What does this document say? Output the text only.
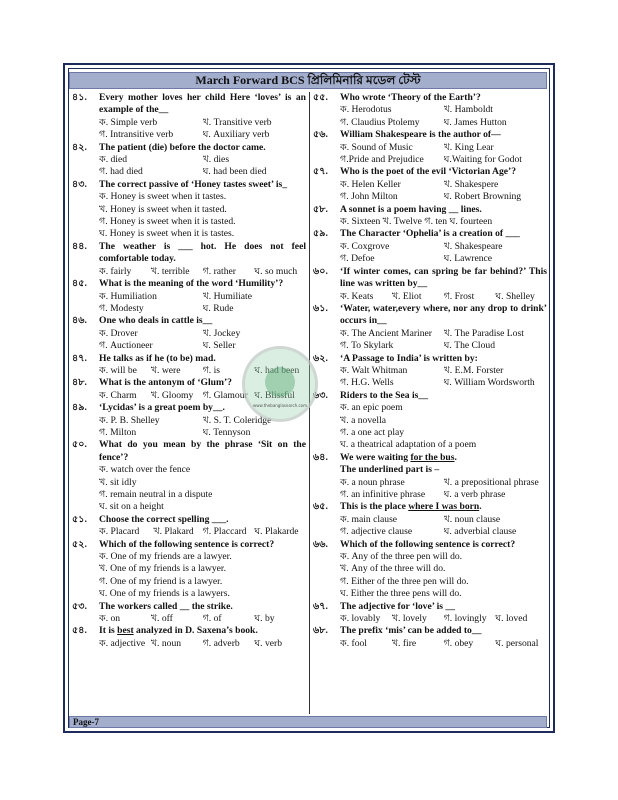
March Forward BCS প্রিলিমিনারি মডেল টেস্ট
৪১.	Every mother loves her child Here ‘loves’ is an example of the__
ক. Simple verb	খ. Transitive verb
গ. Intransitive verb	ঘ. Auxiliary verb
৪২.	The patient (die) before the doctor came.
ক. died	খ. dies
গ. had died	ঘ. had been died
৪৩.	The correct passive of ‘Honey tastes sweet’ is_
ক. Honey is sweet when it tastes.
খ. Honey is sweet when it tasted.
গ. Honey is sweet when it is tasted.
ঘ. Honey is sweet when it is tastes.
৪৪.	The weather is ___ hot. He does not feel comfortable today.
ক. fairly	খ. terrible	গ. rather	ঘ. so much
৪৫.	What is the meaning of the word ‘Humility’?
ক. Humiliation	খ. Humiliate
গ. Modesty	ঘ. Rude
৪৬.	One who deals in cattle is__
ক. Drover	খ. Jockey
গ. Auctioneer	ঘ. Seller
৪৭.	He talks as if he (to be) mad.
ক. will be	খ. were	গ. is	ঘ. had been
৪৮.	What is the antonym of ‘Glum’?
ক. Charm	খ. Gloomy গ. Glamour ঘ. Blissful
৪৯.	‘Lycidas’ is a great poem by__.
ক. P. B. Shelley	খ. S. T. Coleridge
গ. Milton	ঘ. Tennyson
৫০.	What do you mean by the phrase ‘Sit on the fence’?
ক. watch over the fence
খ. sit idly
গ. remain neutral in a dispute
ঘ. sit on a height
৫১.	Choose the correct spelling ___.
ক. Placard	খ. Plakard গ. Placcard ঘ. Plakarde
৫২.	Which of the following sentence is correct?
ক. One of my friends are a lawyer.
খ. One of my friends is a lawyer.
গ. One of my friend is a lawyer.
ঘ. One of my friends is a lawyers.
৫৩.	The workers called __ the strike.
ক. on	খ. off	গ. of	ঘ. by
৫৪.	It is best analyzed in D. Saxena’s book.
ক. adjective খ. noun	গ. adverb	ঘ. verb
৫৫.	Who wrote ‘Theory of the Earth’?
ক. Herodotus	খ. Hamboldt
গ. Claudius Ptolemy	ঘ. James Hutton
৫৬.	William Shakespeare is the author of—
ক. Sound of Music	খ. King Lear
গ.Pride and Prejudice	ঘ.Waiting for Godot
৫৭.	Who is the poet of the evil ‘Victorian Age’?
ক. Helen Keller	খ. Shakespere
গ. John Milton	ঘ. Robert Browning
৫৮.	A sonnet is a poem having __ lines.
ক. Sixteen খ. Twelve গ. ten ঘ. fourteen
৫৯.	The Character ‘Ophelia’ is a creation of ___
ক. Coxgrove	খ. Shakespeare
গ. Defoe	ঘ. Lawrence
৬০.	‘If winter comes, can spring be far behind?’ This line was written by__
ক. Keats	খ. Eliot	গ. Frost	ঘ. Shelley
৬১.	‘Water, water,every where, nor any drop to drink’ occurs in__
ক. The Ancient Mariner	খ. The Paradise Lost
গ. To Skylark	ঘ. The Cloud
৬২.	‘A Passage to India’ is written by:
ক. Walt Whitman	খ. E.M. Forster
গ. H.G. Wells	ঘ. William Wordsworth
৬৩.	Riders to the Sea is__
ক. an epic poem
খ. a novella
গ. a one act play
ঘ. a theatrical adaptation of a poem
৬৪.	We were waiting for the bus.
The underlined part is –
ক. a noun phrase	খ. a prepositional phrase
গ. an infinitive phrase	ঘ. a verb phrase
৬৫.	This is the place where I was born.
ক. main clause	খ. noun clause
গ. adjective clause	ঘ. adverbial clause
৬৬.	Which of the following sentence is correct?
ক. Any of the three pen will do.
খ. Any of the three will do.
গ. Either of the three pen will do.
ঘ. Either the three pens will do.
৬৭.	The adjective for ‘love’ is __
ক. lovably	খ. lovely	গ. lovingly ঘ. loved
৬৮.	The prefix ‘mis’ can be added to__
ক. fool	খ. fire	গ. obey	ঘ. personal
www.thebanglasearch.com
Page-7
